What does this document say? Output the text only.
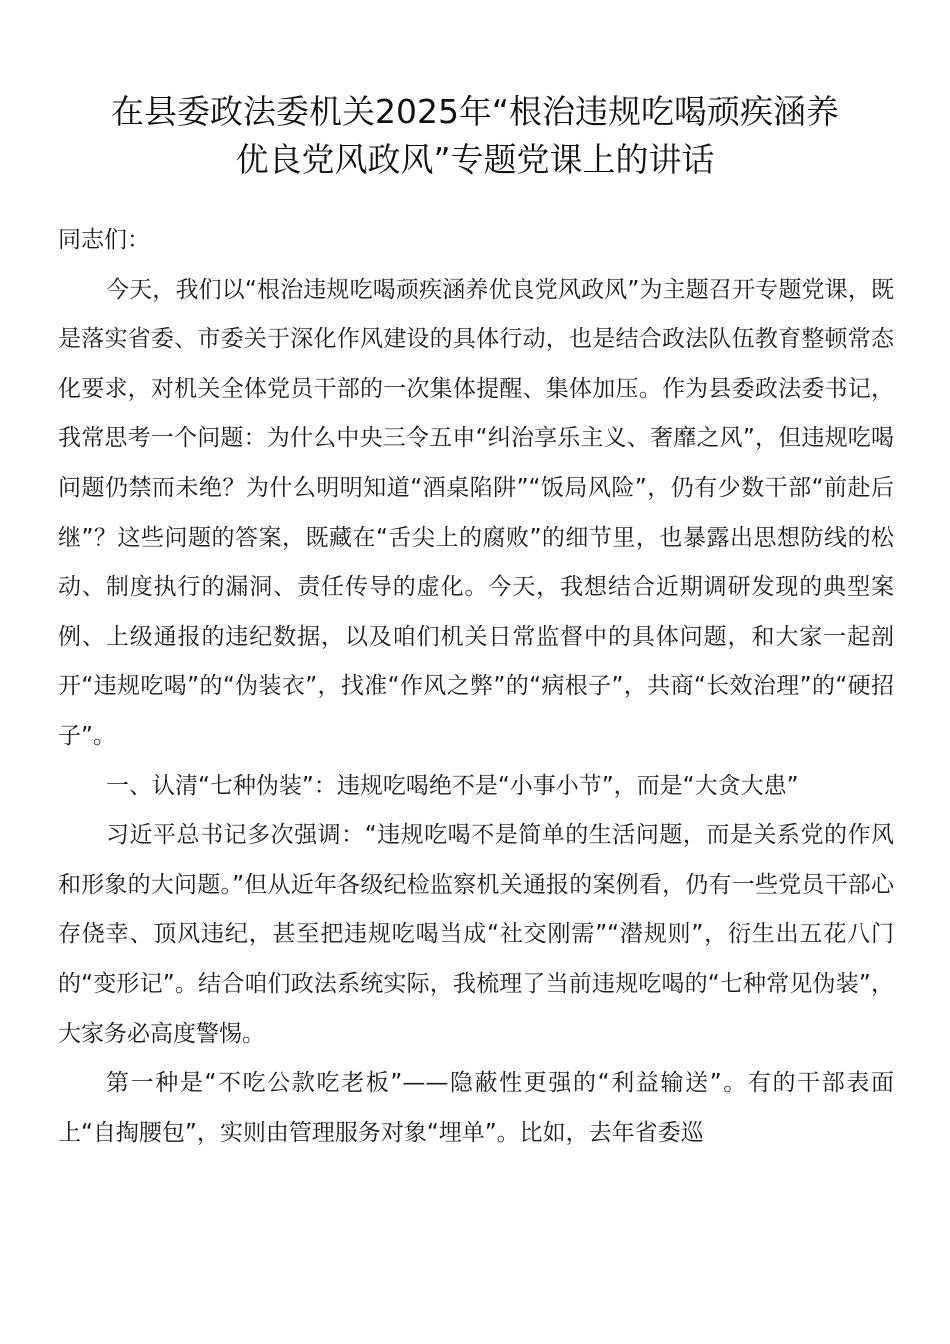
在县委政法委机关2025年“根治违规吃喝顽疾涵养
优良党风政风”专题党课上的讲话

同志们：

今天，我们以“根治违规吃喝顽疾涵养优良党风政风”为主题召开专题党课，既是落实省委、市委关于深化作风建设的具体行动，也是结合政法队伍教育整顿常态化要求，对机关全体党员干部的一次集体提醒、集体加压。作为县委政法委书记，我常思考一个问题：为什么中央三令五申“纠治享乐主义、奢靡之风”，但违规吃喝问题仍禁而未绝？为什么明明知道“酒桌陷阱”“饭局风险”，仍有少数干部“前赴后继”？这些问题的答案，既藏在“舌尖上的腐败”的细节里，也暴露出思想防线的松动、制度执行的漏洞、责任传导的虚化。今天，我想结合近期调研发现的典型案例、上级通报的违纪数据，以及咱们机关日常监督中的具体问题，和大家一起剖开“违规吃喝”的“伪装衣”，找准“作风之弊”的“病根子”，共商“长效治理”的“硬招子”。

一、认清“七种伪装”：违规吃喝绝不是“小事小节”，而是“大贪大患”

习近平总书记多次强调：“违规吃喝不是简单的生活问题，而是关系党的作风和形象的大问题。”但从近年各级纪检监察机关通报的案例看，仍有一些党员干部心存侥幸、顶风违纪，甚至把违规吃喝当成“社交刚需”“潜规则”，衍生出五花八门的“变形记”。结合咱们政法系统实际，我梳理了当前违规吃喝的“七种常见伪装”，大家务必高度警惕。

第一种是“不吃公款吃老板”——隐蔽性更强的“利益输送”。有的干部表面上“自掏腰包”，实则由管理服务对象“埋单”。比如，去年省委巡
